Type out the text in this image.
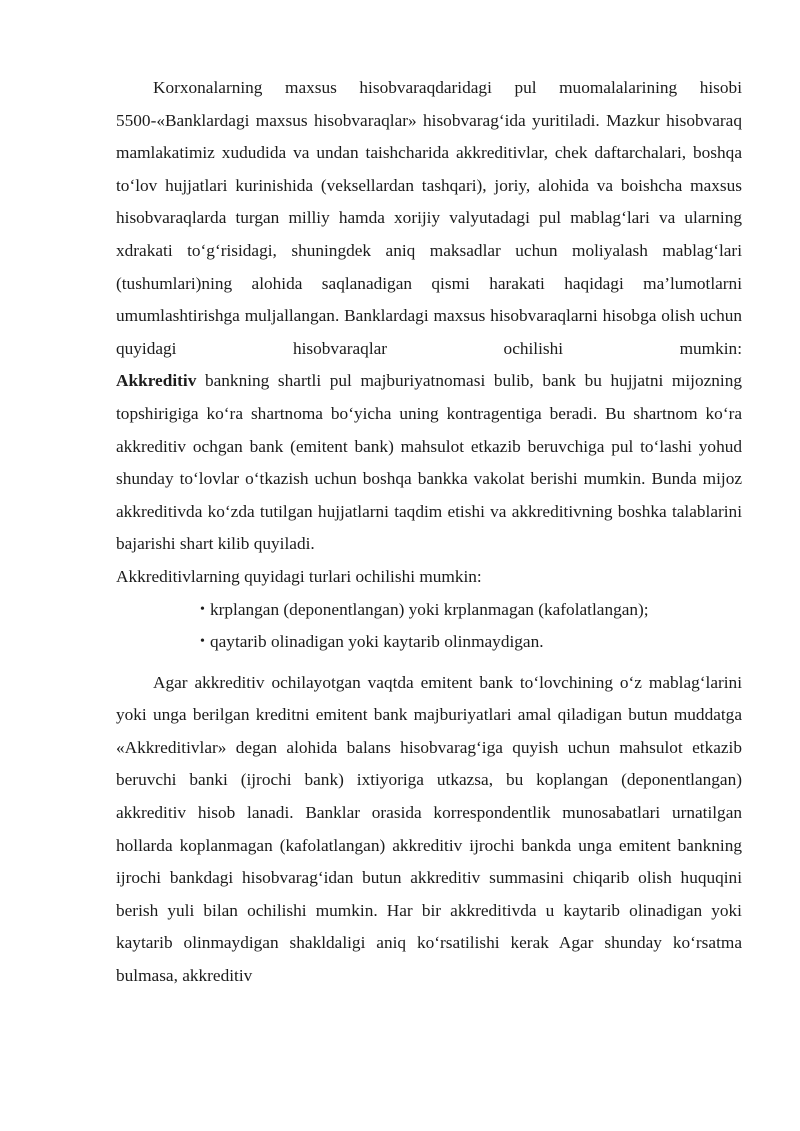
Korxonalarning maxsus hisobvaraqdaridagi pul muomalalarining hisobi 5500-«Banklardagi maxsus hisobvaraqlar» hisobvarag‘ida yuritiladi. Mazkur hisobvaraq mamlakatimiz xududida va undan taishcharida akkreditivlar, chek daftarchalari, boshqa to‘lov hujjatlari kurinishida (veksellardan tashqari), joriy, alohida va boishcha maxsus hisobvaraqlarda turgan milliy hamda xorijiy valyutadagi pul mablag‘lari va ularning xdrakati to‘g‘risidagi, shuningdek aniq maksadlar uchun moliyalash mablag‘lari (tushumlari)ning alohida saqlanadigan qismi harakati haqidagi ma’lumotlarni umumlashtirishga muljallangan. Banklardagi maxsus hisobvaraqlarni hisobga olish uchun quyidagi hisobvaraqlar ochilishi mumkin:

Akkreditiv bankning shartli pul majburiyatnomasi bulib, bank bu hujjatni mijozning topshirigiga ko‘ra shartnoma bo‘yicha uning kontragentiga beradi. Bu shartnom ko‘ra akkreditiv ochgan bank (emitent bank) mahsulot etkazib beruvchiga pul to‘lashi yohud shunday to‘lovlar o‘tkazish uchun boshqa bankka vakolat berishi mumkin. Bunda mijoz akkreditivda ko‘zda tutilgan hujjatlarni taqdim etishi va akkreditivning boshka talablarini bajarishi shart kilib quyiladi.

Akkreditivlarning quyidagi turlari ochilishi mumkin:

• krplangan (deponentlangan) yoki krplanmagan (kafolatlangan);
• qaytarib olinadigan yoki kaytarib olinmaydigan.

Agar akkreditiv ochilayotgan vaqtda emitent bank to‘lovchining o‘z mablag‘larini yoki unga berilgan kreditni emitent bank majburiyatlari amal qiladigan butun muddatga «Akkreditivlar» degan alohida balans hisobvarag‘iga quyish uchun mahsulot etkazib beruvchi banki (ijrochi bank) ixtiyoriga utkazsa, bu koplangan (deponentlangan) akkreditiv hisob lanadi. Banklar orasida korrespondentlik munosabatlari urnatilgan hollarda koplanmagan (kafolatlangan) akkreditiv ijrochi bankda unga emitent bankning ijrochi bankdagi hisobvarag‘idan butun akkreditiv summasini chiqarib olish huquqini berish yuli bilan ochilishi mumkin. Har bir akkreditivda u kaytarib olinadigan yoki kaytarib olinmaydigan shakldaligi aniq ko‘rsatilishi kerak Agar shunday ko‘rsatma bulmasa, akkreditiv
